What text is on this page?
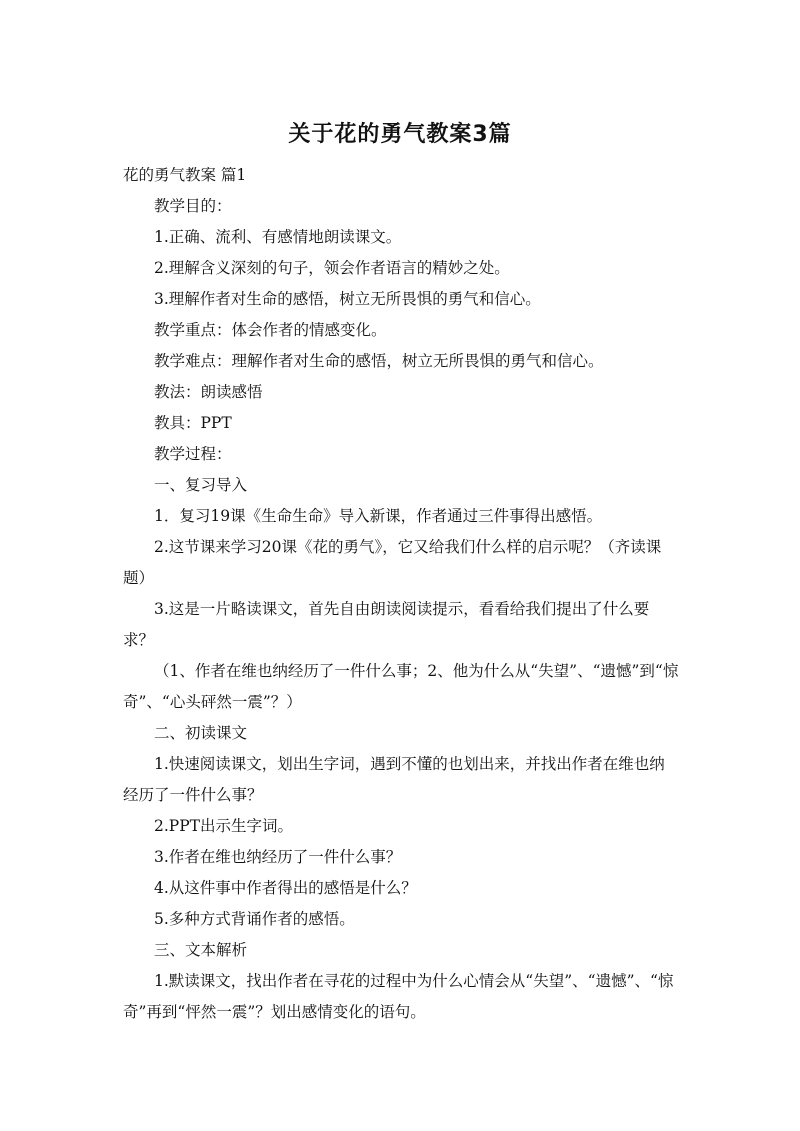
关于花的勇气教案3篇

花的勇气教案 篇1

教学目的：

1.正确、流利、有感情地朗读课文。

2.理解含义深刻的句子，领会作者语言的精妙之处。

3.理解作者对生命的感悟，树立无所畏惧的勇气和信心。

教学重点：体会作者的情感变化。

教学难点：理解作者对生命的感悟，树立无所畏惧的勇气和信心。

教法：朗读感悟

教具：PPT

教学过程：

一、复习导入

1．复习19课《生命生命》导入新课，作者通过三件事得出感悟。

2.这节课来学习20课《花的勇气》，它又给我们什么样的启示呢？（齐读课题）

3.这是一片略读课文，首先自由朗读阅读提示，看看给我们提出了什么要求？

（1、作者在维也纳经历了一件什么事；2、他为什么从“失望”、“遗憾”到“惊奇”、“心头砰然一震”？）

二、初读课文

1.快速阅读课文，划出生字词，遇到不懂的也划出来，并找出作者在维也纳经历了一件什么事？

2.PPT出示生字词。

3.作者在维也纳经历了一件什么事？

4.从这件事中作者得出的感悟是什么？

5.多种方式背诵作者的感悟。

三、文本解析

1.默读课文，找出作者在寻花的过程中为什么心情会从“失望”、“遗憾”、“惊奇”再到“怦然一震”？划出感情变化的语句。
